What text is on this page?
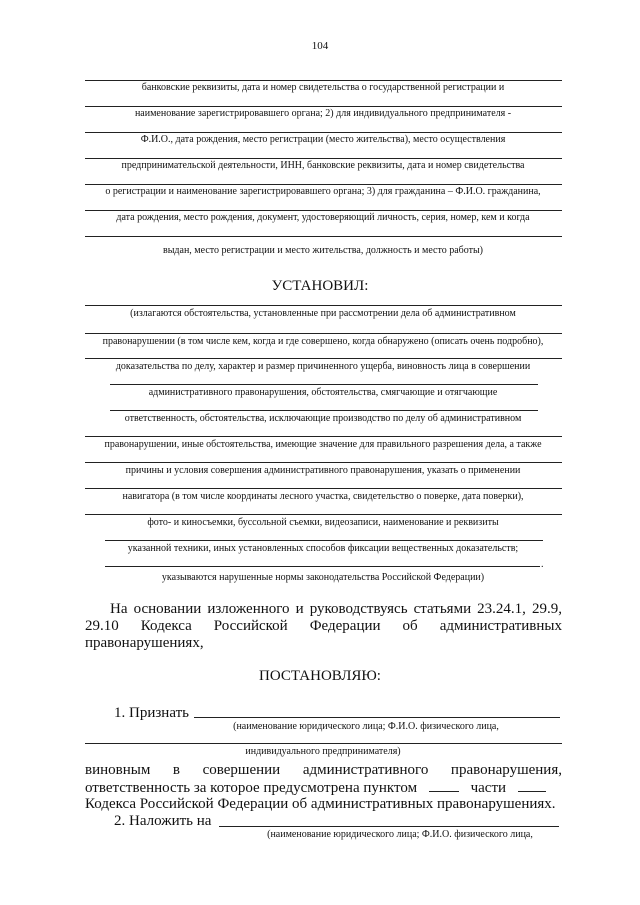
104
банковские реквизиты, дата и номер свидетельства о государственной регистрации и
наименование зарегистрировавшего органа; 2) для индивидуального предпринимателя -
Ф.И.О., дата рождения, место регистрации (место жительства), место осуществления
предпринимательской деятельности, ИНН, банковские реквизиты, дата и номер свидетельства
о регистрации и наименование зарегистрировавшего органа; 3) для гражданина – Ф.И.О. гражданина,
дата рождения, место рождения, документ, удостоверяющий личность, серия, номер, кем и когда
выдан, место регистрации и место жительства, должность и место работы)
УСТАНОВИЛ:
(излагаются обстоятельства, установленные при рассмотрении дела об административном
правонарушении (в том числе кем, когда и где совершено, когда обнаружено (описать очень подробно),
доказательства по делу, характер и размер причиненного ущерба, виновность лица в совершении
административного правонарушения, обстоятельства, смягчающие и отягчающие
ответственность, обстоятельства, исключающие производство по делу об административном
правонарушении, иные обстоятельства, имеющие значение для правильного разрешения дела, а также
причины и условия совершения административного правонарушения, указать о применении
навигатора (в том числе координаты лесного участка, свидетельство о поверке, дата поверки),
фото- и киносъемки, буссольной съемки, видеозаписи, наименование и реквизиты
указанной техники, иных установленных способов фиксации вещественных доказательств;
.
указываются нарушенные нормы законодательства Российской Федерации)
На основании изложенного и руководствуясь статьями 23.24.1, 29.9,
29.10 Кодекса Российской Федерации об административных
правонарушениях,
ПОСТАНОВЛЯЮ:
1. Признать
(наименование юридического лица; Ф.И.О. физического лица,
индивидуального предпринимателя)
виновным в совершении административного правонарушения,
ответственность за которое предусмотрена пунктом	части
Кодекса Российской Федерации об административных правонарушениях.
2. Наложить на
(наименование юридического лица; Ф.И.О. физического лица,
